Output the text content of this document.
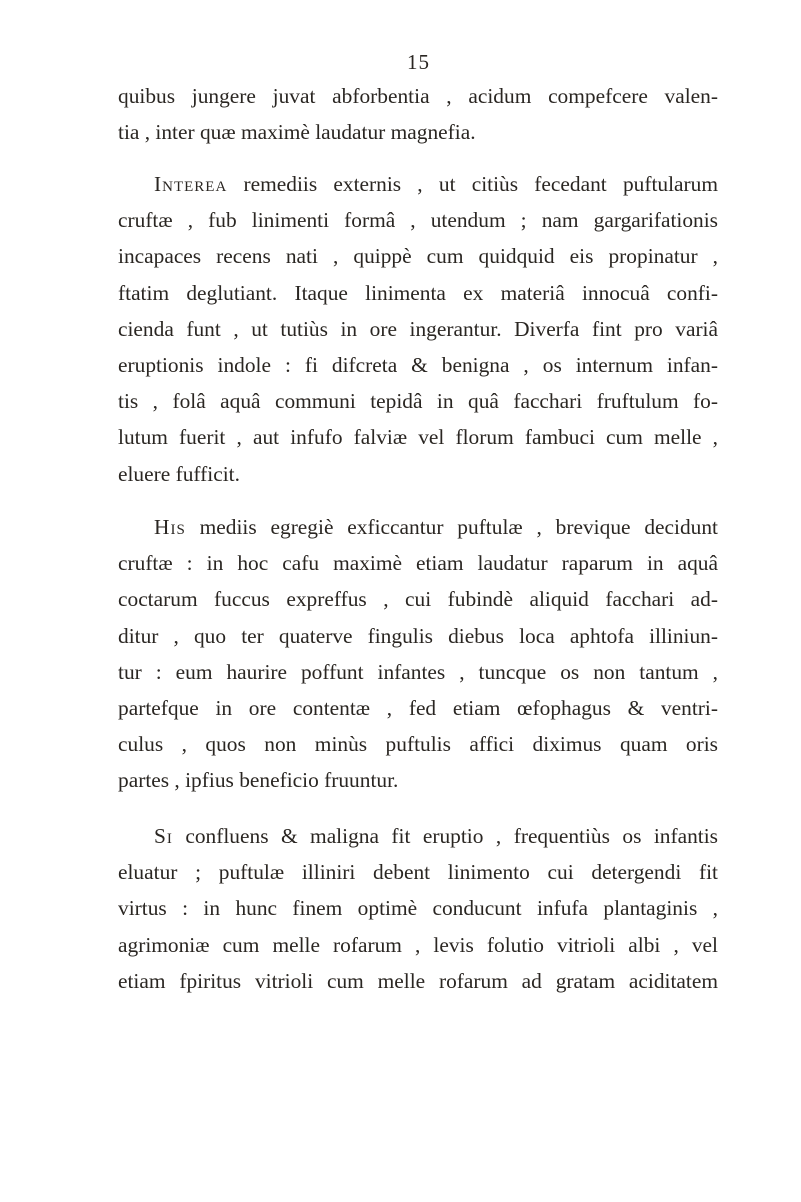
15
quibus jungere juvat abforbentia , acidum compefcere valen-
tia , inter quæ maximè laudatur magnefia.
Interea remediis externis , ut citiùs fecedant puftularum
cruftæ , fub linimenti formâ , utendum ; nam gargarifationis
incapaces recens nati , quippè cum quidquid eis propinatur ,
ftatim deglutiant. Itaque linimenta ex materiâ innocuâ confi-
cienda funt , ut tutiùs in ore ingerantur. Diverfa fint pro variâ
eruptionis indole : fi difcreta & benigna , os internum infan-
tis , folâ aquâ communi tepidâ in quâ facchari fruftulum fo-
lutum fuerit , aut infufo falviæ vel florum fambuci cum melle ,
eluere fufficit.
His mediis egregiè exficcantur puftulæ , brevique decidunt
cruftæ : in hoc cafu maximè etiam laudatur raparum in aquâ
coctarum fuccus expreffus , cui fubindè aliquid facchari ad-
ditur , quo ter quaterve fingulis diebus loca aphtofa illiniun-
tur : eum haurire poffunt infantes , tuncque os non tantum ,
partefque in ore contentæ , fed etiam œfophagus & ventri-
culus , quos non minùs puftulis affici diximus quam oris
partes , ipfius beneficio fruuntur.
Si confluens & maligna fit eruptio , frequentiùs os infantis
eluatur ; puftulæ illiniri debent linimento cui detergendi fit
virtus : in hunc finem optimè conducunt infufa plantaginis ,
agrimoniæ cum melle rofarum , levis folutio vitrioli albi , vel
etiam fpiritus vitrioli cum melle rofarum ad gratam aciditatem
